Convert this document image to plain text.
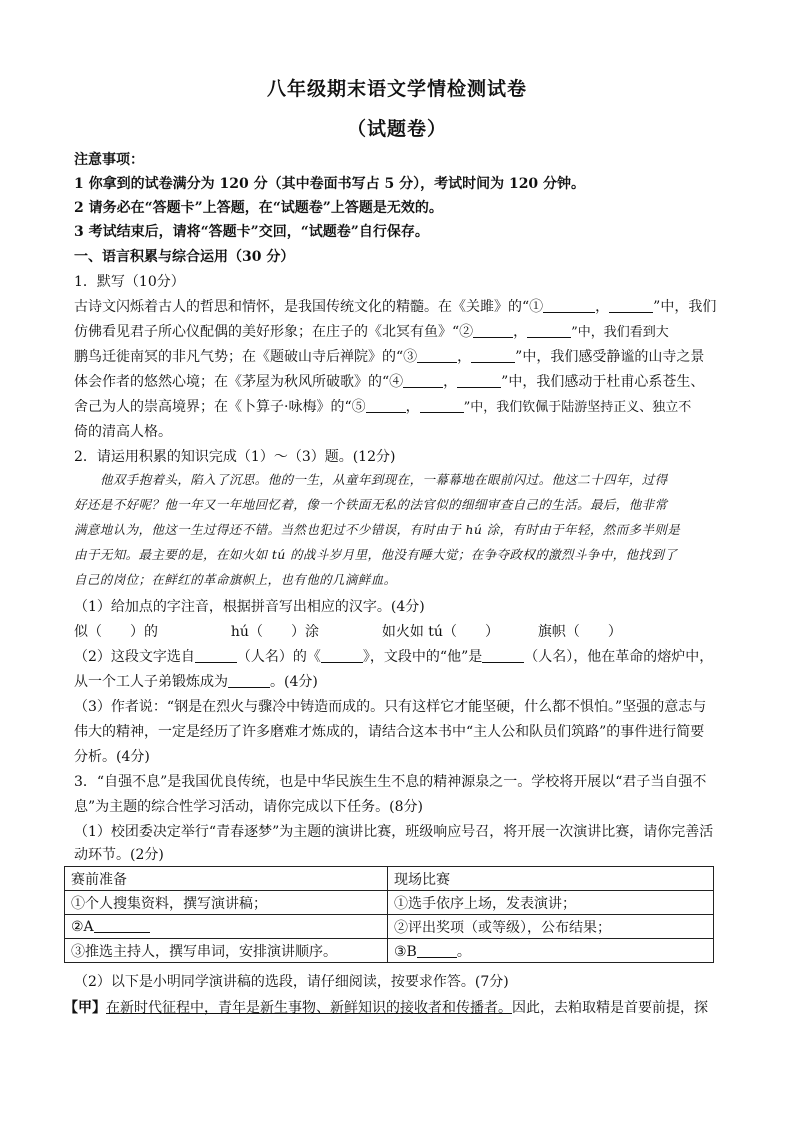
八年级期末语文学情检测试卷
（试题卷）
注意事项：
1 你拿到的试卷满分为 120 分（其中卷面书写占 5 分），考试时间为 120 分钟。
2 请务必在“答题卡”上答题，在“试题卷”上答题是无效的。
3 考试结束后，请将“答题卡”交回，“试题卷”自行保存。
一、语言积累与综合运用（30 分）
1．默写（10分）
古诗文闪烁着古人的哲思和情怀，是我国传统文化的精髓。在《关雎》的“①	，	”中，我们
仿佛看见君子所心仪配偶的美好形象；在庄子的《北冥有鱼》“②	，	”中，我们看到大
鹏鸟迁徙南冥的非凡气势；在《题破山寺后禅院》的“③	，	”中，我们感受静谧的山寺之景
体会作者的悠然心境；在《茅屋为秋风所破歌》的“④	，	”中，我们感动于杜甫心系苍生、
舍己为人的崇高境界；在《卜算子·咏梅》的“⑤	，	”中，我们钦佩于陆游坚持正义、独立不
倚的清高人格。
2．请运用积累的知识完成（1）～（3）题。(12分)
他双手抱着头，陷入了沉思。他的一生，从童年到现在，一幕幕地在眼前闪过。他这二十四年，过得
好还是不好呢？他一年又一年地回忆着，像一个铁面无私的法官似的细细审查自己的生活。最后，他非常
满意地认为，他这一生过得还不错。当然也犯过不少错误，有时由于 hú 涂，有时由于年轻，然而多半则是
由于无知。最主要的是，在如火如 tú 的战斗岁月里，他没有睡大觉；在争夺政权的激烈斗争中，他找到了
自己的岗位；在鲜红的革命旗帜上，也有他的几滴鲜血。
（1）给加点的字注音，根据拼音写出相应的汉字。(4分)
似（　　）的	hú（　　）涂	如火如 tú（　　）	旗帜（　　）
（2）这段文字选自	（人名）的《	》，文段中的“他”是	（人名），他在革命的熔炉中，
从一个工人子弟锻炼成为	。(4分)
（3）作者说：“钢是在烈火与骤冷中铸造而成的。只有这样它才能坚硬，什么都不惧怕。”坚强的意志与
伟大的精神，一定是经历了许多磨难才炼成的，请结合这本书中“主人公和队员们筑路”的事件进行简要
分析。(4分)
3．“自强不息”是我国优良传统，也是中华民族生生不息的精神源泉之一。学校将开展以“君子当自强不
息”为主题的综合性学习活动，请你完成以下任务。(8分)
（1）校团委决定举行“青春逐梦”为主题的演讲比赛，班级响应号召，将开展一次演讲比赛，请你完善活
动环节。(2分)
赛前准备	现场比赛
①个人搜集资料，撰写演讲稿；	①选手依序上场，发表演讲；
②A	②评出奖项（或等级），公布结果；
③推选主持人，撰写串词，安排演讲顺序。	③B 。
（2）以下是小明同学演讲稿的选段，请仔细阅读，按要求作答。(7分)
【甲】在新时代征程中，青年是新生事物、新鲜知识的接收者和传播者。因此，去粕取精是首要前提，探
